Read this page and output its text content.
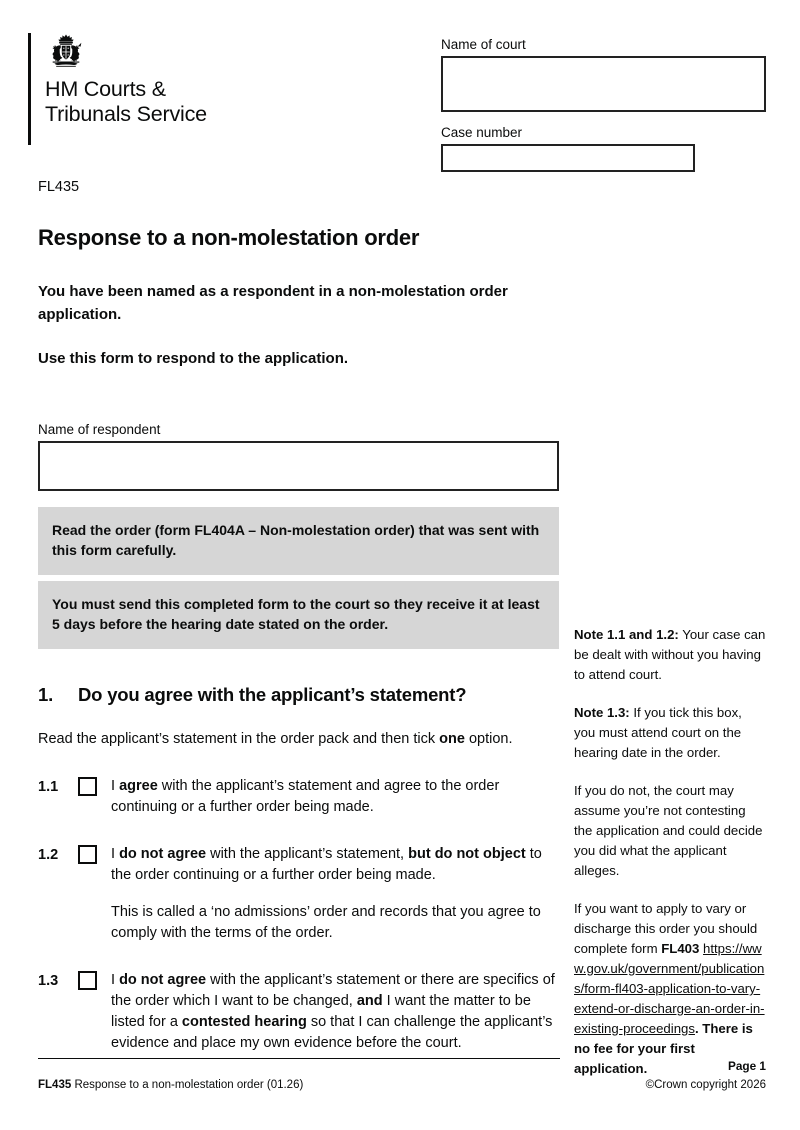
HM Courts &
Tribunals Service
Name of court
Case number
FL435
Response to a non-molestation order

You have been named as a respondent in a non-molestation order application.

Use this form to respond to the application.

Name of respondent
Read the order (form FL404A – Non-molestation order) that was sent with this form carefully.
You must send this completed form to the court so they receive it at least 5 days before the hearing date stated on the order.
1.	Do you agree with the applicant’s statement?

Read the applicant’s statement in the order pack and then tick one option.

1.1	I agree with the applicant’s statement and agree to the order continuing or a further order being made.

1.2	I do not agree with the applicant’s statement, but do not object to the order continuing or a further order being made.

This is called a ‘no admissions’ order and records that you agree to comply with the terms of the order.

1.3	I do not agree with the applicant’s statement or there are specifics of the order which I want to be changed, and I want the matter to be listed for a contested hearing so that I can challenge the applicant’s evidence and place my own evidence before the court.

Note 1.1 and 1.2: Your case can be dealt with without you having to attend court.

Note 1.3: If you tick this box, you must attend court on the hearing date in the order.

If you do not, the court may assume you’re not contesting the application and could decide you did what the applicant alleges.

If you want to apply to vary or discharge this order you should complete form FL403 https://www.gov.uk/government/publications/form-fl403-application-to-vary-extend-or-discharge-an-order-in-existing-proceedings. There is no fee for your first application.

FL435 Response to a non-molestation order (01.26)
Page 1
©Crown copyright 2026
